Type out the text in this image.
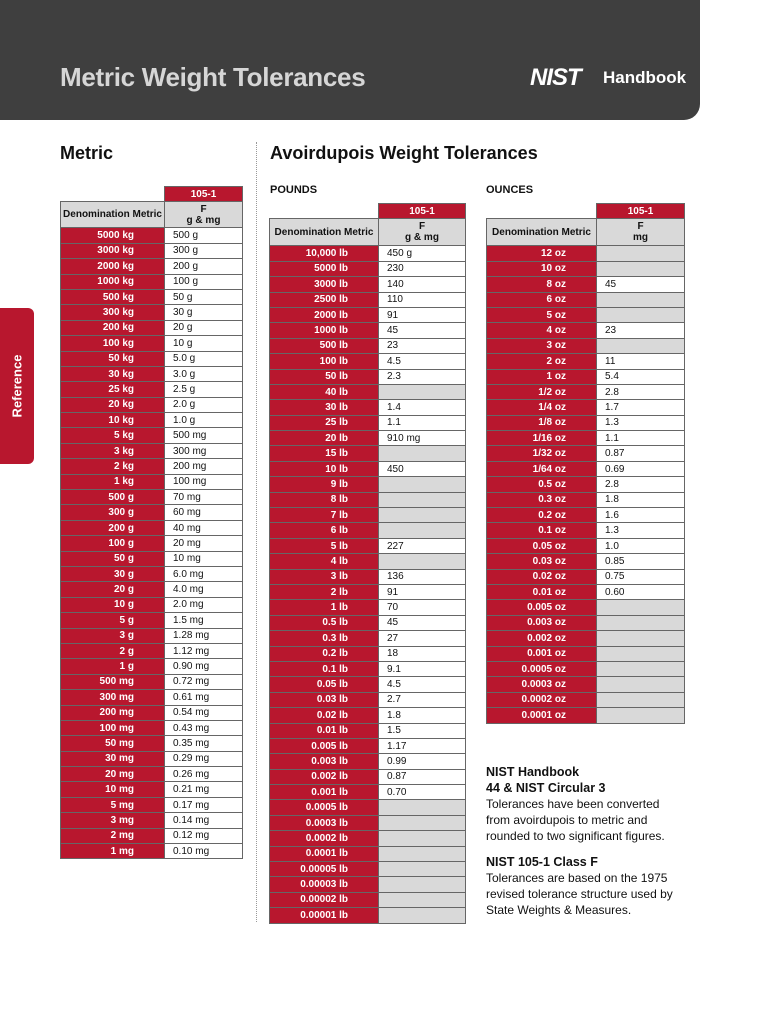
Metric Weight Tolerances	NIST Handbook
Reference
Metric	Avoirdupois Weight Tolerances
POUNDS	OUNCES
	105-1
Denomination Metric	F
g & mg
5000 kg	500 g
3000 kg	300 g
2000 kg	200 g
1000 kg	100 g
500 kg	50 g
300 kg	30 g
200 kg	20 g
100 kg	10 g
50 kg	5.0 g
30 kg	3.0 g
25 kg	2.5 g
20 kg	2.0 g
10 kg	1.0 g
5 kg	500 mg
3 kg	300 mg
2 kg	200 mg
1 kg	100 mg
500 g	70 mg
300 g	60 mg
200 g	40 mg
100 g	20 mg
50 g	10 mg
30 g	6.0 mg
20 g	4.0 mg
10 g	2.0 mg
5 g	1.5 mg
3 g	1.28 mg
2 g	1.12 mg
1 g	0.90 mg
500 mg	0.72 mg
300 mg	0.61 mg
200 mg	0.54 mg
100 mg	0.43 mg
50 mg	0.35 mg
30 mg	0.29 mg
20 mg	0.26 mg
10 mg	0.21 mg
5 mg	0.17 mg
3 mg	0.14 mg
2 mg	0.12 mg
1 mg	0.10 mg
	105-1
Denomination Metric	F
g & mg
10,000 lb	450 g
5000 lb	230
3000 lb	140
2500 lb	110
2000 lb	91
1000 lb	45
500 lb	23
100 lb	4.5
50 lb	2.3
40 lb	
30 lb	1.4
25 lb	1.1
20 lb	910 mg
15 lb	
10 lb	450
9 lb	
8 lb	
7 lb	
6 lb	
5 lb	227
4 lb	
3 lb	136
2 lb	91
1 lb	70
0.5 lb	45
0.3 lb	27
0.2 lb	18
0.1 lb	9.1
0.05 lb	4.5
0.03 lb	2.7
0.02 lb	1.8
0.01 lb	1.5
0.005 lb	1.17
0.003 lb	0.99
0.002 lb	0.87
0.001 lb	0.70
0.0005 lb	
0.0003 lb	
0.0002 lb	
0.0001 lb	
0.00005 lb	
0.00003 lb	
0.00002 lb	
0.00001 lb	
	105-1
Denomination Metric	F
mg
12 oz	
10 oz	
8 oz	45
6 oz	
5 oz	
4 oz	23
3 oz	
2 oz	11
1 oz	5.4
1/2 oz	2.8
1/4 oz	1.7
1/8 oz	1.3
1/16 oz	1.1
1/32 oz	0.87
1/64 oz	0.69
0.5 oz	2.8
0.3 oz	1.8
0.2 oz	1.6
0.1 oz	1.3
0.05 oz	1.0
0.03 oz	0.85
0.02 oz	0.75
0.01 oz	0.60
0.005 oz	
0.003 oz	
0.002 oz	
0.001 oz	
0.0005 oz	
0.0003 oz	
0.0002 oz	
0.0001 oz	
NIST Handbook
44 & NIST Circular 3

Tolerances have been converted from avoirdupois to metric and rounded to two significant figures.

NIST 105-1 Class F

Tolerances are based on the 1975 revised tolerance structure used by State Weights & Measures.
